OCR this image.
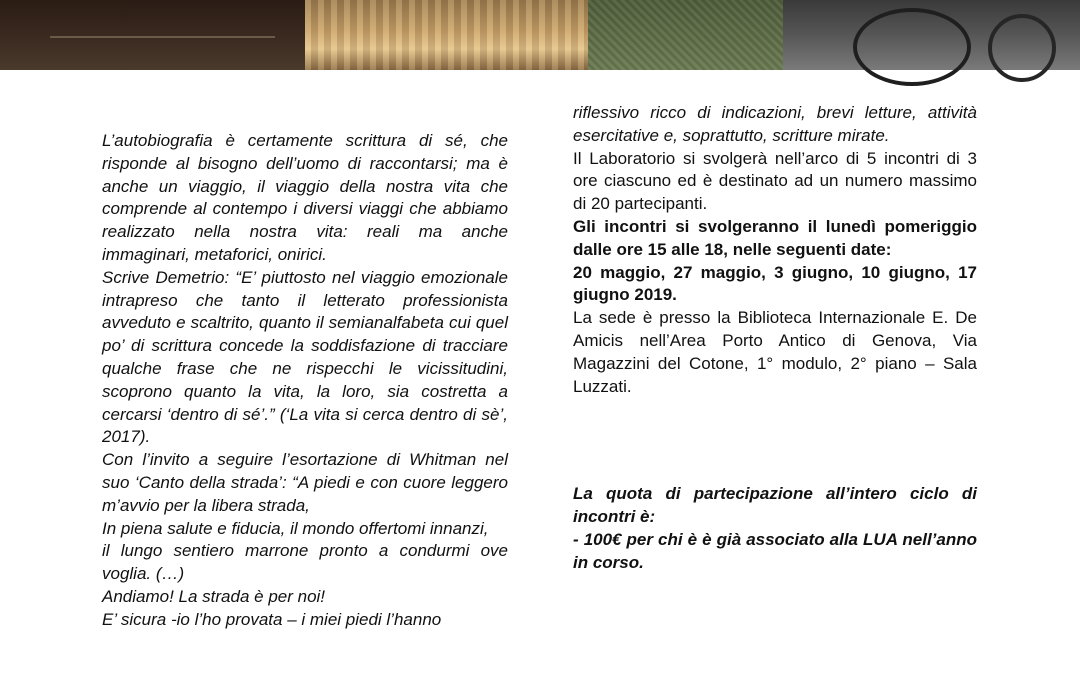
L’autobiografia è certamente scrittura di sé, che risponde al bisogno dell’uomo di raccontarsi; ma è anche un viaggio, il viaggio della nostra vita che comprende al contempo i diversi viaggi che abbiamo realizzato nella nostra vita: reali ma anche immaginari, metaforici, onirici.

Scrive Demetrio: “E’ piuttosto nel viaggio emozionale intrapreso che tanto il letterato professionista avveduto e scaltrito, quanto il semianalfabeta cui quel po’ di scrittura concede la soddisfazione di tracciare qualche frase che ne rispecchi le vicissitudini, scoprono quanto la vita, la loro, sia costretta a cercarsi ‘dentro di sé’.” (‘La vita si cerca dentro di sè’, 2017).

Con l’invito a seguire l’esortazione di Whitman nel suo ‘Canto della strada’: “A piedi e con cuore leggero m’avvio per la libera strada,

In piena salute e fiducia, il mondo offertomi innanzi,

il lungo sentiero marrone pronto a condurmi ove voglia. (…)

Andiamo! La strada è per noi!

E’ sicura -io l’ho provata – i miei piedi l’hanno

riflessivo ricco di indicazioni, brevi letture, attività esercitative e, soprattutto, scritture mirate.

Il Laboratorio si svolgerà nell’arco di 5 incontri di 3 ore ciascuno ed è destinato ad un numero massimo di 20 partecipanti.

Gli incontri si svolgeranno il lunedì pomeriggio dalle ore 15 alle 18, nelle seguenti date:

20 maggio, 27 maggio, 3 giugno, 10 giugno, 17 giugno 2019.

La sede è presso la Biblioteca Internazionale E. De Amicis nell’Area Porto Antico di Genova, Via Magazzini del Cotone, 1° modulo, 2° piano – Sala Luzzati.

La quota di partecipazione all’intero ciclo di incontri è:

- 100€ per chi è è già associato alla LUA nell’anno in corso.
